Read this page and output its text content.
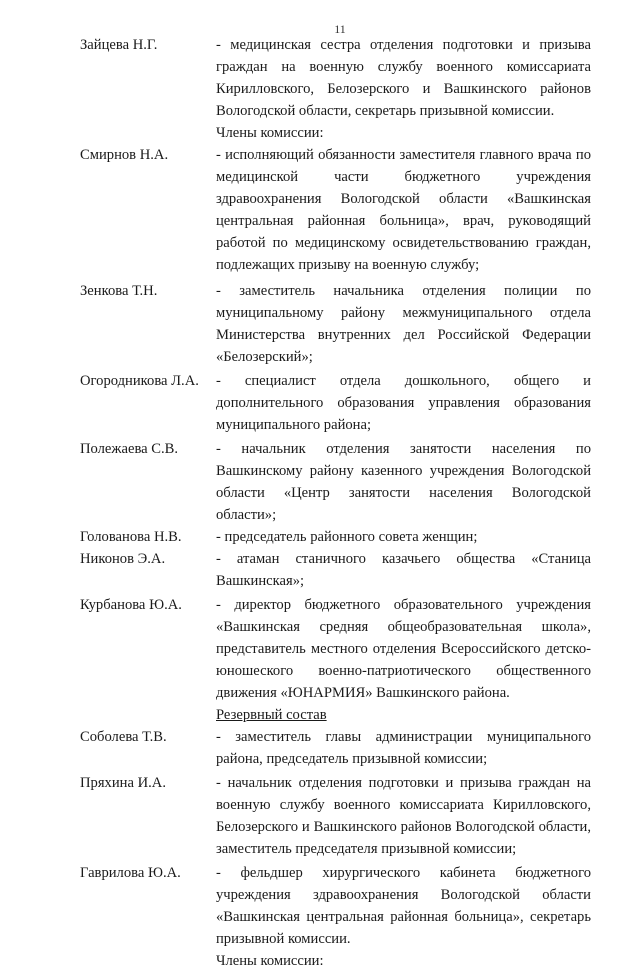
11
Зайцева Н.Г.	- медицинская сестра отделения подготовки и призыва граждан на военную службу военного комиссариата Кирилловского, Белозерского и Вашкинского районов Вологодской области, секретарь призывной комиссии.
Члены комиссии:
Смирнов Н.А.	- исполняющий обязанности заместителя главного врача по медицинской части бюджетного учреждения здравоохранения Вологодской области «Вашкинская центральная районная больница», врач, руководящий работой по медицинскому освидетельствованию граждан, подлежащих призыву на военную службу;
Зенкова Т.Н.	- заместитель начальника отделения полиции по муниципальному району межмуниципального отдела Министерства внутренних дел Российской Федерации «Белозерский»;
Огородникова Л.А. - специалист отдела дошкольного, общего и дополнительного образования управления образования муниципального района;
Полежаева С.В.	- начальник отделения занятости населения по Вашкинскому району казенного учреждения Вологодской области «Центр занятости населения Вологодской области»;
Голованова Н.В. - председатель районного совета женщин;
Никонов Э.А.	- атаман станичного казачьего общества «Станица Вашкинская»;
Курбанова Ю.А. - директор бюджетного образовательного учреждения «Вашкинская средняя общеобразовательная школа», представитель местного отделения Всероссийского детско-юношеского военно-патриотического общественного движения «ЮНАРМИЯ» Вашкинского района.
Резервный состав
Соболева Т.В.	- заместитель главы администрации муниципального района, председатель призывной комиссии;
Пряхина И.А.	- начальник отделения подготовки и призыва граждан на военную службу военного комиссариата Кирилловского, Белозерского и Вашкинского районов Вологодской области, заместитель председателя призывной комиссии;
Гаврилова Ю.А. - фельдшер хирургического кабинета бюджетного учреждения здравоохранения Вологодской области «Вашкинская центральная районная больница», секретарь призывной комиссии.
Члены комиссии:
